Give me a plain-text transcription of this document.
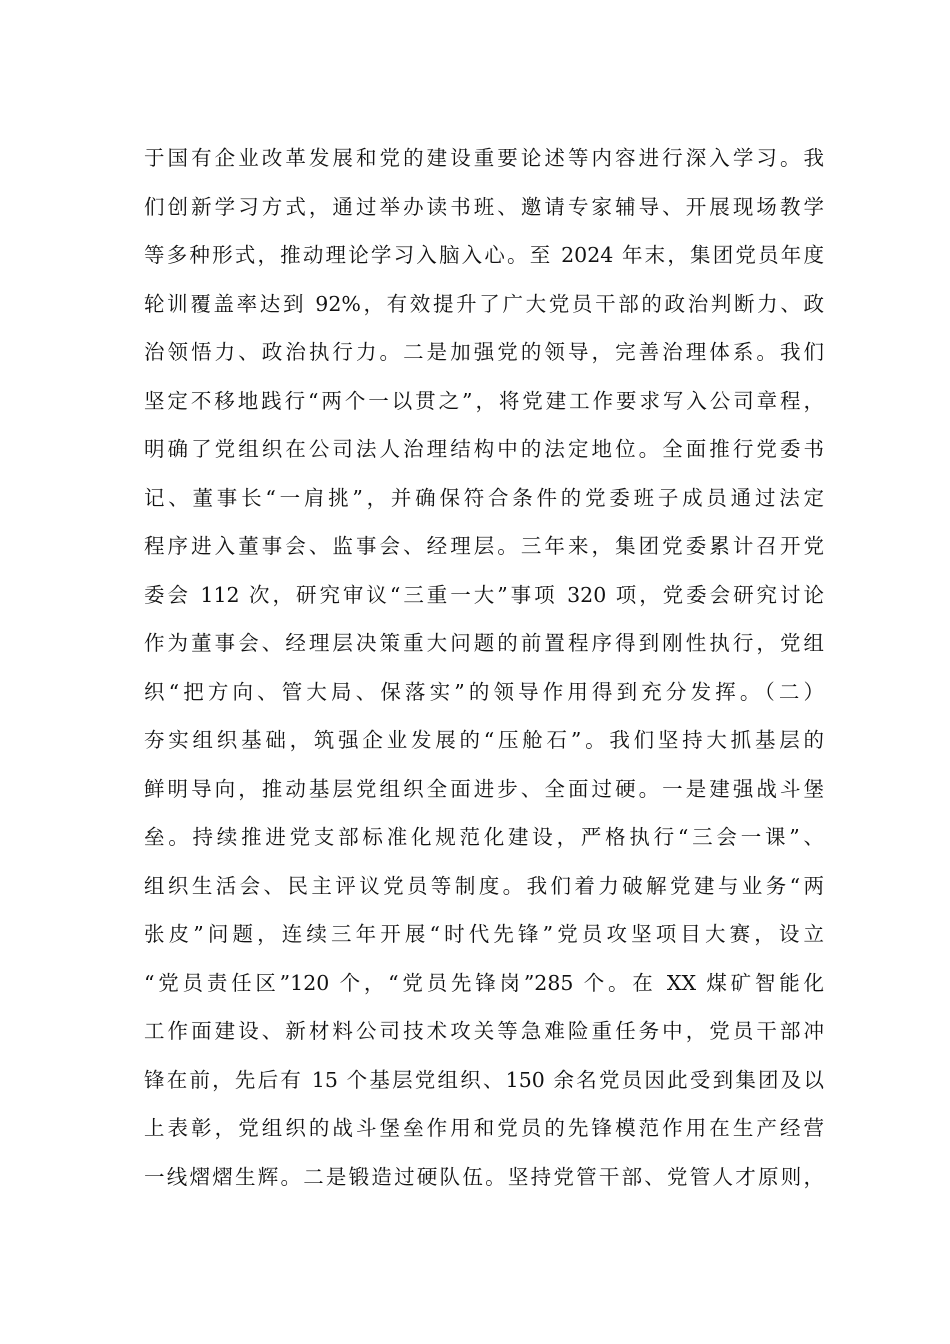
于国有企业改革发展和党的建设重要论述等内容进行深入学习。我
们创新学习方式，通过举办读书班、邀请专家辅导、开展现场教学
等多种形式，推动理论学习入脑入心。至 2024 年末，集团党员年度
轮训覆盖率达到 92%，有效提升了广大党员干部的政治判断力、政
治领悟力、政治执行力。二是加强党的领导，完善治理体系。我们
坚定不移地践行“两个一以贯之”，将党建工作要求写入公司章程，
明确了党组织在公司法人治理结构中的法定地位。全面推行党委书
记、董事长“一肩挑”，并确保符合条件的党委班子成员通过法定
程序进入董事会、监事会、经理层。三年来，集团党委累计召开党
委会 112 次，研究审议“三重一大”事项 320 项，党委会研究讨论
作为董事会、经理层决策重大问题的前置程序得到刚性执行，党组
织“把方向、管大局、保落实”的领导作用得到充分发挥。（二）
夯实组织基础，筑强企业发展的“压舱石”。我们坚持大抓基层的
鲜明导向，推动基层党组织全面进步、全面过硬。一是建强战斗堡
垒。持续推进党支部标准化规范化建设，严格执行“三会一课”、
组织生活会、民主评议党员等制度。我们着力破解党建与业务“两
张皮”问题，连续三年开展“时代先锋”党员攻坚项目大赛，设立
“党员责任区”120 个，“党员先锋岗”285 个。在 XX 煤矿智能化
工作面建设、新材料公司技术攻关等急难险重任务中，党员干部冲
锋在前，先后有 15 个基层党组织、150 余名党员因此受到集团及以
上表彰，党组织的战斗堡垒作用和党员的先锋模范作用在生产经营
一线熠熠生辉。二是锻造过硬队伍。坚持党管干部、党管人才原则，
